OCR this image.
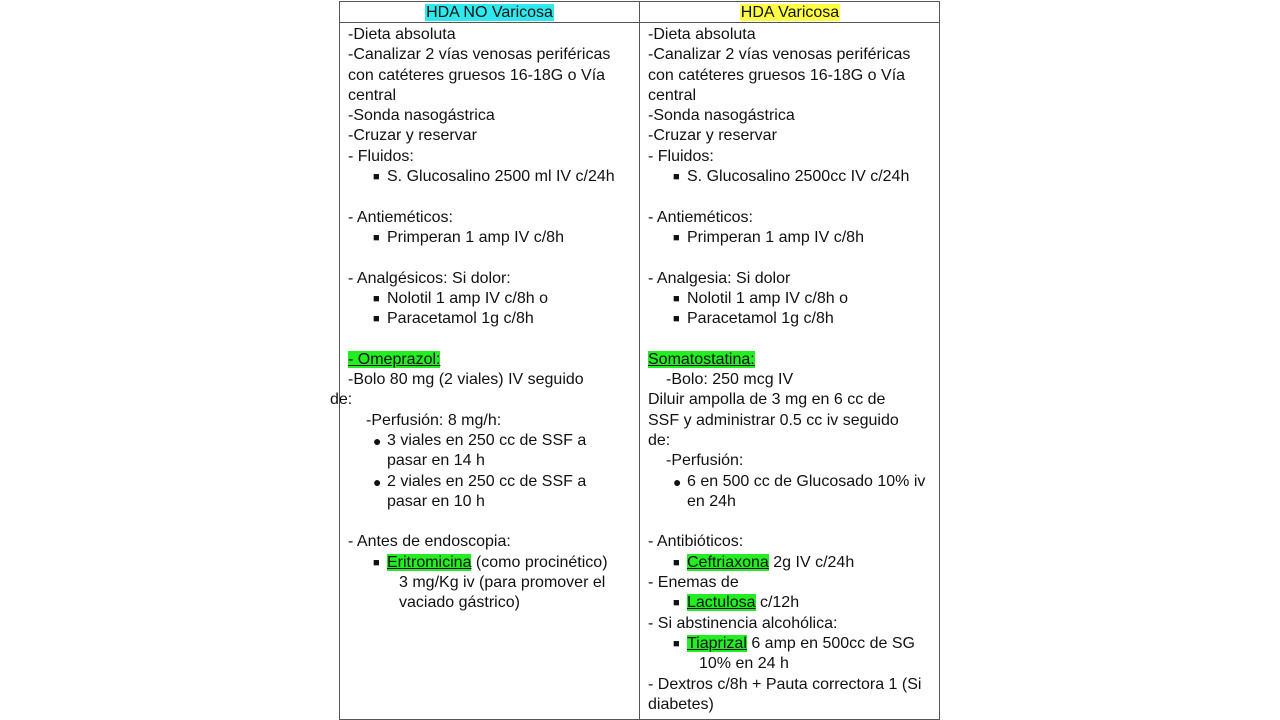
HDA NO Varicosa	HDA Varicosa
-Dieta absoluta
-Canalizar 2 vías venosas periféricas con catéteres gruesos 16-18G o Vía central
-Sonda nasogástrica
-Cruzar y reservar
- Fluidos:
■ S. Glucosalino 2500 ml IV c/24h
- Antieméticos:
■ Primperan 1 amp IV c/8h
- Analgésicos: Si dolor:
■ Nolotil 1 amp IV c/8h o
■ Paracetamol 1g c/8h
- Omeprazol:
-Bolo 80 mg (2 viales) IV seguido de:
-Perfusión: 8 mg/h:
● 3 viales en 250 cc de SSF a pasar en 14 h
● 2 viales en 250 cc de SSF a pasar en 10 h
- Antes de endoscopia:
■ Eritromicina (como procinético)
3 mg/Kg iv (para promover el
vaciado gástrico)
-Dieta absoluta
-Canalizar 2 vías venosas periféricas con catéteres gruesos 16-18G o Vía central
-Sonda nasogástrica
-Cruzar y reservar
- Fluidos:
■ S. Glucosalino 2500cc IV c/24h
- Antieméticos:
■ Primperan 1 amp IV c/8h
- Analgesia: Si dolor
■ Nolotil 1 amp IV c/8h o
■ Paracetamol 1g c/8h
Somatostatina:
-Bolo: 250 mcg IV
Diluir ampolla de 3 mg en 6 cc de SSF y administrar 0.5 cc iv seguido de:
-Perfusión:
● 6 en 500 cc de Glucosado 10% iv en 24h
- Antibióticos:
■ Ceftriaxona 2g IV c/24h
- Enemas de
■ Lactulosa c/12h
- Si abstinencia alcohólica:
■ Tiaprizal 6 amp en 500cc de SG
10% en 24 h
- Dextros c/8h + Pauta correctora 1 (Si diabetes)
